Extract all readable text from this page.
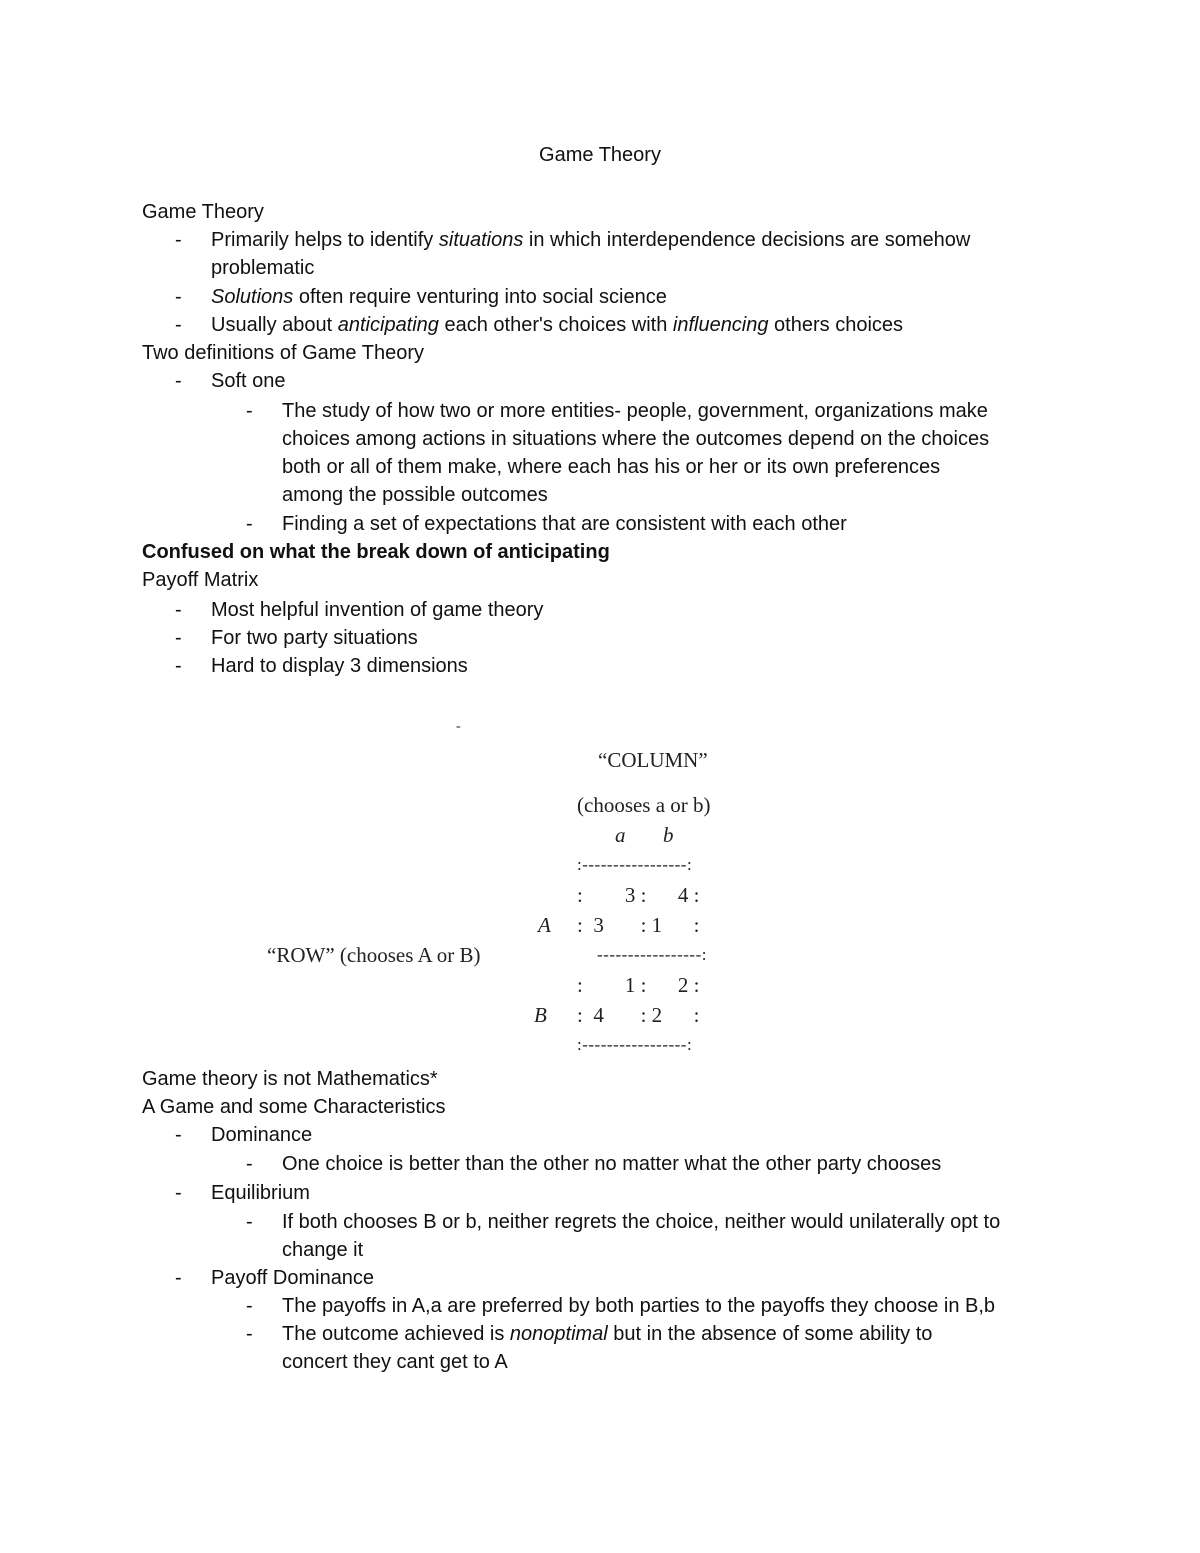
Game Theory
Game Theory
- Primarily helps to identify situations in which interdependence decisions are somehow
problematic
- Solutions often require venturing into social science
- Usually about anticipating each other's choices with influencing others choices
Two definitions of Game Theory
- Soft one
- The study of how two or more entities- people, government, organizations make
choices among actions in situations where the outcomes depend on the choices
both or all of them make, where each has his or her or its own preferences
among the possible outcomes
- Finding a set of expectations that are consistent with each other
Confused on what the break down of anticipating
Payoff Matrix
- Most helpful invention of game theory
- For two party situations
- Hard to display 3 dimensions
-
“COLUMN”
(chooses a or b)
a b
:-----------------:
:        3 :      4 :
A :  3       : 1      :
“ROW” (chooses A or B)	-----------------:
:        1 :      2 :
B :  4       : 2      :
:-----------------:
Game theory is not Mathematics*
A Game and some Characteristics
- Dominance
- One choice is better than the other no matter what the other party chooses
- Equilibrium
- If both chooses B or b, neither regrets the choice, neither would unilaterally opt to
change it
- Payoff Dominance
- The payoffs in A,a are preferred by both parties to the payoffs they choose in B,b
- The outcome achieved is nonoptimal but in the absence of some ability to
concert they cant get to A
